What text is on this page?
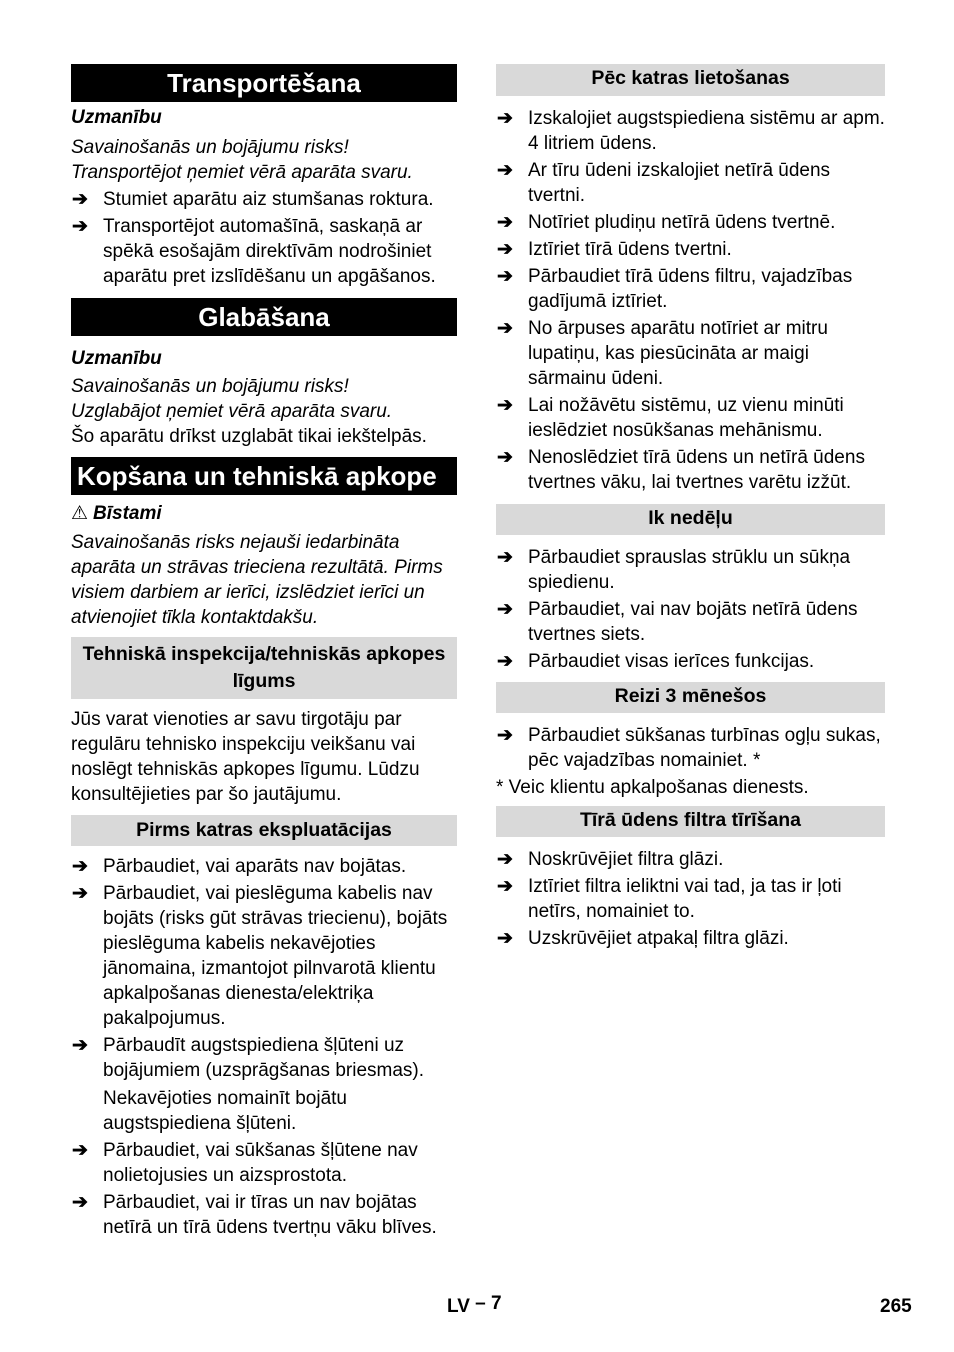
Transportēšana
Uzmanību
Savainošanās un bojājumu risks!
Transportējot ņemiet vērā aparāta svaru.
➔ Stumiet aparātu aiz stumšanas roktura.
➔ Transportējot automašīnā, saskaņā ar spēkā esošajām direktīvām nodrošiniet aparātu pret izslīdēšanu un apgāšanos.
Glabāšana
Uzmanību
Savainošanās un bojājumu risks!
Uzglabājot ņemiet vērā aparāta svaru.
Šo aparātu drīkst uzglabāt tikai iekštelpās.
Kopšana un tehniskā apkope
⚠ Bīstami
Savainošanās risks nejauši iedarbināta aparāta un strāvas trieciena rezultātā. Pirms visiem darbiem ar ierīci, izslēdziet ierīci un atvienojiet tīkla kontaktdakšu.
Tehniskā inspekcija/tehniskās apkopes līgums
Jūs varat vienoties ar savu tirgotāju par regulāru tehnisko inspekciju veikšanu vai noslēgt tehniskās apkopes līgumu. Lūdzu konsultējieties par šo jautājumu.
Pirms katras ekspluatācijas
➔ Pārbaudiet, vai aparāts nav bojātas.
➔ Pārbaudiet, vai pieslēguma kabelis nav bojāts (risks gūt strāvas triecienu), bojāts pieslēguma kabelis nekavējoties jānomaina, izmantojot pilnvarotā klientu apkalpošanas dienesta/elektriķa pakalpojumus.
➔ Pārbaudīt augstspiediena šļūteni uz bojājumiem (uzsprāgšanas briesmas).
Nekavējoties nomainīt bojātu augstspiediena šļūteni.
➔ Pārbaudiet, vai sūkšanas šļūtene nav nolietojusies un aizsprostota.
➔ Pārbaudiet, vai ir tīras un nav bojātas netīrā un tīrā ūdens tvertņu vāku blīves.
Pēc katras lietošanas
➔ Izskalojiet augstspiediena sistēmu ar apm. 4 litriem ūdens.
➔ Ar tīru ūdeni izskalojiet netīrā ūdens tvertni.
➔ Notīriet pludiņu netīrā ūdens tvertnē.
➔ Iztīriet tīrā ūdens tvertni.
➔ Pārbaudiet tīrā ūdens filtru, vajadzības gadījumā iztīriet.
➔ No ārpuses aparātu notīriet ar mitru lupatiņu, kas piesūcināta ar maigi sārmainu ūdeni.
➔ Lai nožāvētu sistēmu, uz vienu minūti ieslēdziet nosūkšanas mehānismu.
➔ Nenoslēdziet tīrā ūdens un netīrā ūdens tvertnes vāku, lai tvertnes varētu izžūt.
Ik nedēļu
➔ Pārbaudiet sprauslas strūklu un sūkņa spiedienu.
➔ Pārbaudiet, vai nav bojāts netīrā ūdens tvertnes siets.
➔ Pārbaudiet visas ierīces funkcijas.
Reizi 3 mēnešos
➔ Pārbaudiet sūkšanas turbīnas ogļu sukas, pēc vajadzības nomainiet. *
* Veic klientu apkalpošanas dienests.
Tīrā ūdens filtra tīrīšana
➔ Noskrūvējiet filtra glāzi.
➔ Iztīriet filtra ieliktni vai tad, ja tas ir ļoti netīrs, nomainiet to.
➔ Uzskrūvējiet atpakaļ filtra glāzi.
LV – 7	265
